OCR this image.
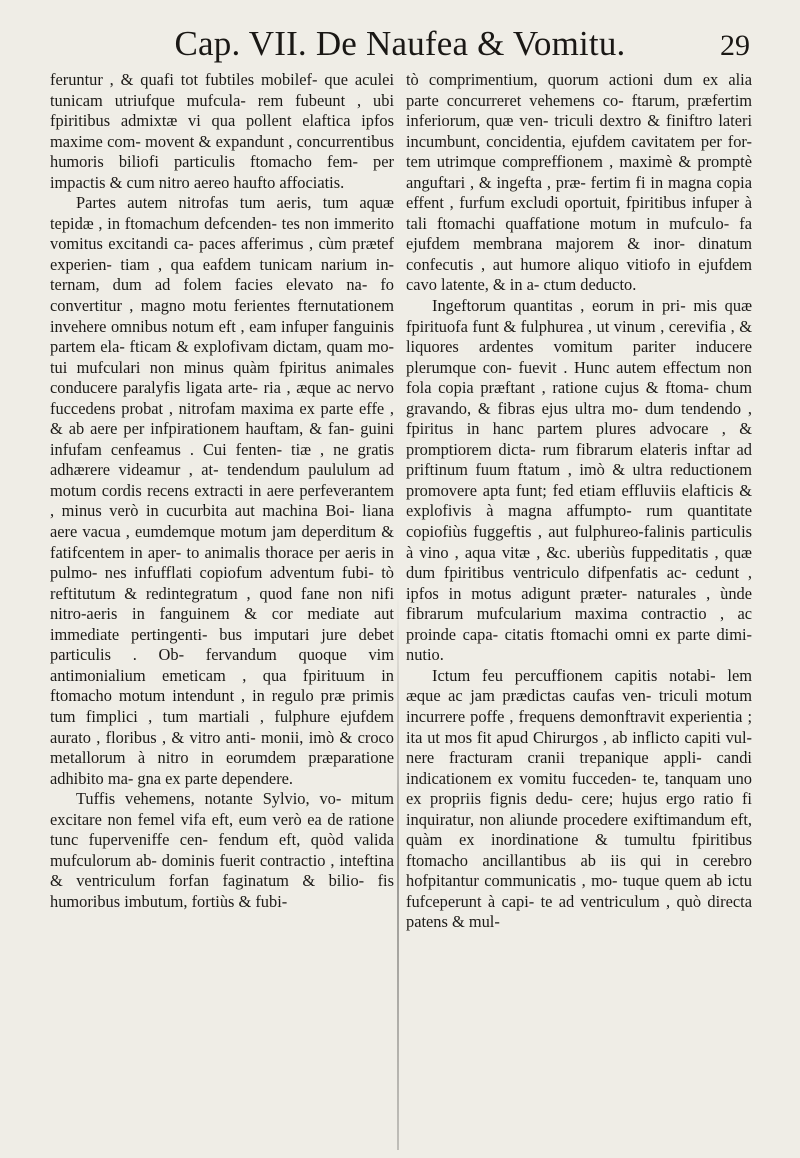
Cap. VII. De Naufea & Vomitu.	29

feruntur , & quafi tot fubtiles mobilef- que aculei tunicam utriufque mufcula- rem fubeunt , ubi fpiritibus admixtæ vi qua pollent elaftica ipfos maxime com- movent & expandunt , concurrentibus humoris biliofi particulis ftomacho fem- per impactis & cum nitro aereo haufto affociatis.

Partes autem nitrofas tum aeris, tum aquæ tepidæ , in ftomachum defcenden- tes non immerito vomitus excitandi ca- paces afferimus , cùm prætef experien- tiam , qua eafdem tunicam narium in- ternam, dum ad folem facies elevato na- fo convertitur , magno motu ferientes fternutationem invehere omnibus notum eft , eam infuper fanguinis partem ela- fticam & explofivam dictam, quam mo- tui mufculari non minus quàm fpiritus animales conducere paralyfis ligata arte- ria , æque ac nervo fuccedens probat , nitrofam maxima ex parte effe , & ab aere per infpirationem hauftam, & fan- guini infufam cenfeamus . Cui fenten- tiæ , ne gratis adhærere videamur , at- tendendum paululum ad motum cordis recens extracti in aere perfeverantem , minus verò in cucurbita aut machina Boi- liana aere vacua , eumdemque motum jam deperditum & fatifcentem in aper- to animalis thorace per aeris in pulmo- nes infufflati copiofum adventum fubi- tò reftitutum & redintegratum , quod fane non nifi nitro-aeris in fanguinem & cor mediate aut immediate pertingenti- bus imputari jure debet particulis . Ob- fervandum quoque vim antimonialium emeticam , qua fpirituum in ftomacho motum intendunt , in regulo præ primis tum fimplici , tum martiali , fulphure ejufdem aurato , floribus , & vitro anti- monii, imò & croco metallorum à nitro in eorumdem præparatione adhibito ma- gna ex parte dependere.

Tuffis vehemens, notante Sylvio, vo- mitum excitare non femel vifa eft, eum verò ea de ratione tunc fuperveniffe cen- fendum eft, quòd valida mufculorum ab- dominis fuerit contractio , inteftina & ventriculum forfan faginatum & bilio- fis humoribus imbutum, fortiùs & fubi-

tò comprimentium, quorum actioni dum ex alia parte concurreret vehemens co- ftarum, præfertim inferiorum, quæ ven- triculi dextro & finiftro lateri incumbunt, concidentia, ejufdem cavitatem per for- tem utrimque compreffionem , maximè & promptè anguftari , & ingefta , præ- fertim fi in magna copia effent , furfum excludi oportuit, fpiritibus infuper à tali ftomachi quaffatione motum in mufculo- fa ejufdem membrana majorem & inor- dinatum confecutis , aut humore aliquo vitiofo in ejufdem cavo latente, & in a- ctum deducto.

Ingeftorum quantitas , eorum in pri- mis quæ fpirituofa funt & fulphurea , ut vinum , cerevifia , & liquores ardentes vomitum pariter inducere plerumque con- fuevit . Hunc autem effectum non fola copia præftant , ratione cujus & ftoma- chum gravando, & fibras ejus ultra mo- dum tendendo , fpiritus in hanc partem plures advocare , & promptiorem dicta- rum fibrarum elateris inftar ad priftinum fuum ftatum , imò & ultra reductionem promovere apta funt; fed etiam effluviis elafticis & explofivis à magna affumpto- rum quantitate copiofiùs fuggeftis , aut fulphureo-falinis particulis à vino , aqua vitæ , &c. uberiùs fuppeditatis , quæ dum fpiritibus ventriculo difpenfatis ac- cedunt , ipfos in motus adigunt præter- naturales , ùnde fibrarum mufcularium maxima contractio , ac proinde capa- citatis ftomachi omni ex parte dimi- nutio.

Ictum feu percuffionem capitis notabi- lem æque ac jam prædictas caufas ven- triculi motum incurrere poffe , frequens demonftravit experientia ; ita ut mos fit apud Chirurgos , ab inflicto capiti vul- nere fracturam cranii trepanique appli- candi indicationem ex vomitu fucceden- te, tanquam uno ex propriis fignis dedu- cere; hujus ergo ratio fi inquiratur, non aliunde procedere exiftimandum eft, quàm ex inordinatione & tumultu fpiritibus ftomacho ancillantibus ab iis qui in cerebro hofpitantur communicatis , mo- tuque quem ab ictu fufceperunt à capi- te ad ventriculum , quò directa patens & mul-
